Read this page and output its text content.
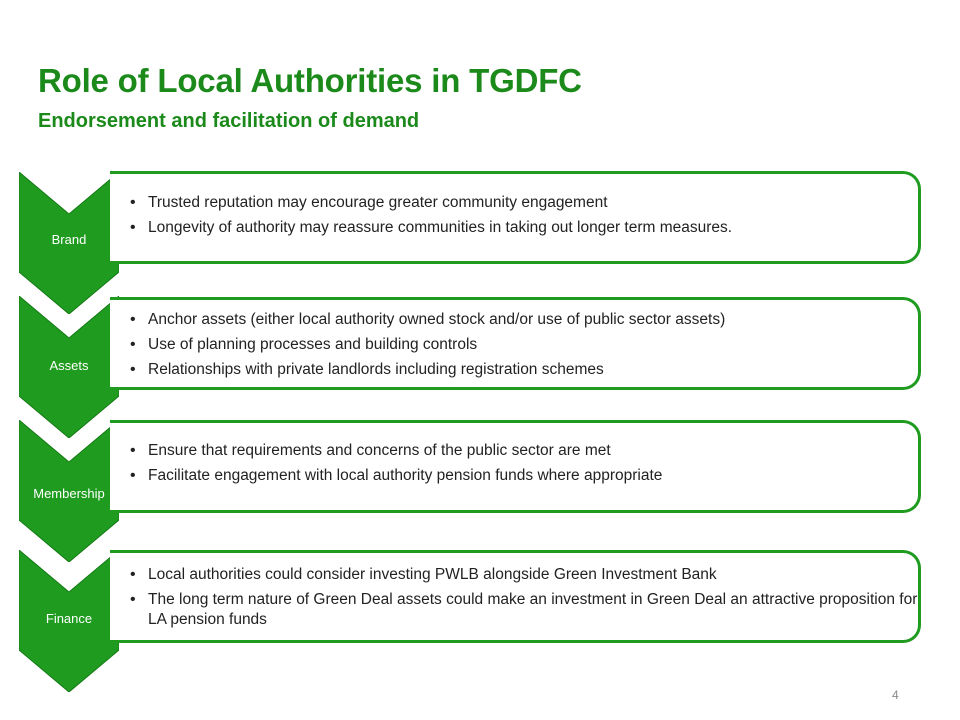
Role of Local Authorities in TGDFC
Endorsement and facilitation of demand
Brand
• Trusted reputation may encourage greater community engagement
• Longevity of authority may reassure communities in taking out longer term measures.
Assets
• Anchor assets (either local authority owned stock and/or use of public sector assets)
• Use of planning processes and building controls
• Relationships with private landlords including registration schemes
Membership
• Ensure that requirements and concerns of the public sector are met
• Facilitate engagement with local authority pension funds where appropriate
Finance
• Local authorities could consider investing PWLB alongside Green Investment Bank
• The long term nature of Green Deal assets could make an investment in Green Deal an attractive proposition for LA pension funds
4
